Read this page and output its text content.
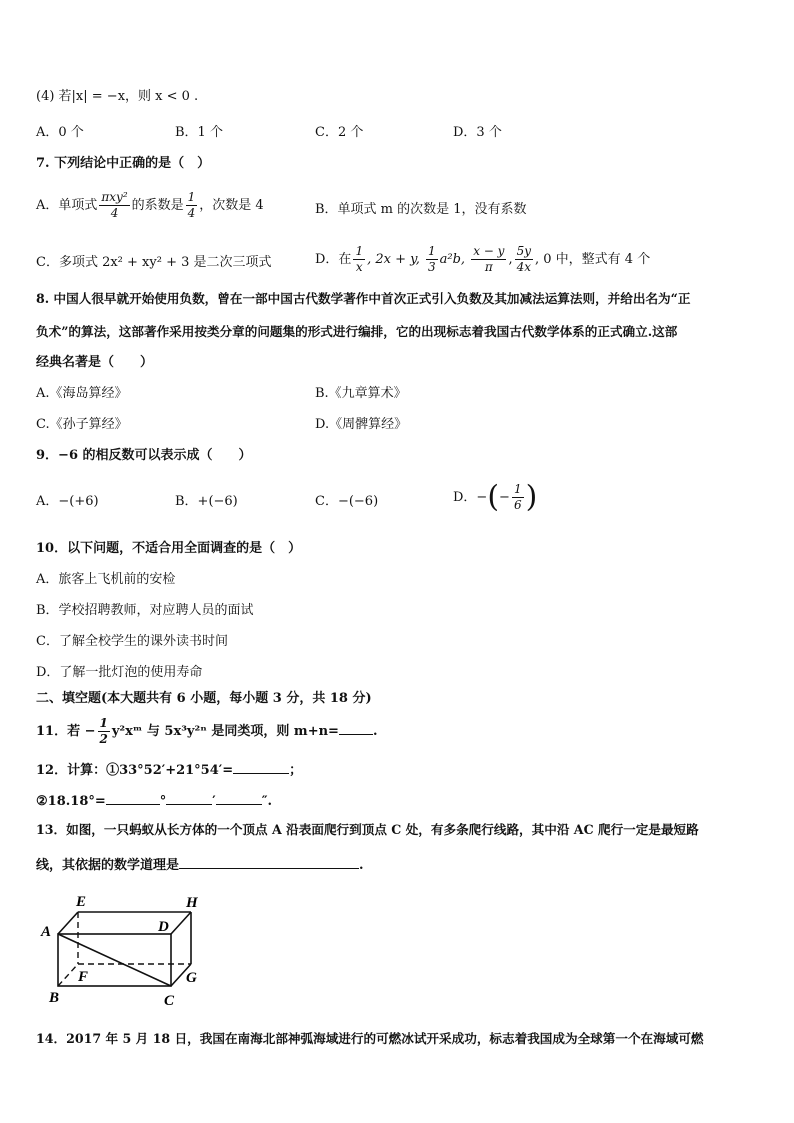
(4) 若|x| = −x，则 x < 0 .
A．0 个	B．1 个	C．2 个	D．3 个
7. 下列结论中正确的是（　）
A．单项式 $\frac{\text{πxy²}}{4}$ 的系数是 $\frac{1}{4}$ ，次数是 4	B．单项式 m 的次数是 1，没有系数
C．多项式 2x² + xy² + 3 是二次三项式	D．在 $\frac{1}{x}$ , 2x + y, $\frac{1}{3} a^2b$, $\frac{x - y}{\pi}$ , $\frac{5y}{4x}$ , 0 中，整式有 4 个
8. 中国人很早就开始使用负数，曾在一部中国古代数学著作中首次正式引入负数及其加减法运算法则，并给出名为“正
负术”的算法，这部著作采用按类分章的问题集的形式进行编排，它的出现标志着我国古代数学体系的正式确立.这部
经典名著是（　　）
A.《海岛算经》	B.《九章算术》
C.《孙子算经》	D.《周髀算经》
9．−6 的相反数可以表示成（　　）
A．−(+6)	B．+(−6)	C．−(−6)	D．−(− $\frac{1}{6}$ )
10．以下问题，不适合用全面调查的是（　）
A．旅客上飞机前的安检
B．学校招聘教师，对应聘人员的面试
C．了解全校学生的课外读书时间
D．了解一批灯泡的使用寿命
二、填空题(本大题共有 6 小题，每小题 3 分，共 18 分)
11．若 − $\frac{1}{2}$ y²xᵐ 与 5x³y²ⁿ 是同类项，则 m+n=	.
12．计算：①33°52′+21°54′=	；
②18.18°=	°	′	″.
13．如图，一只蚂蚁从长方体的一个顶点 A 沿表面爬行到顶点 C 处，有多条爬行线路，其中沿 AC 爬行一定是最短路
线，其依据的数学道理是	.
E	H
A	D
F	G
B	C
14．2017 年 5 月 18 日，我国在南海北部神弧海域进行的可燃冰试开采成功，标志着我国成为全球第一个在海域可燃
